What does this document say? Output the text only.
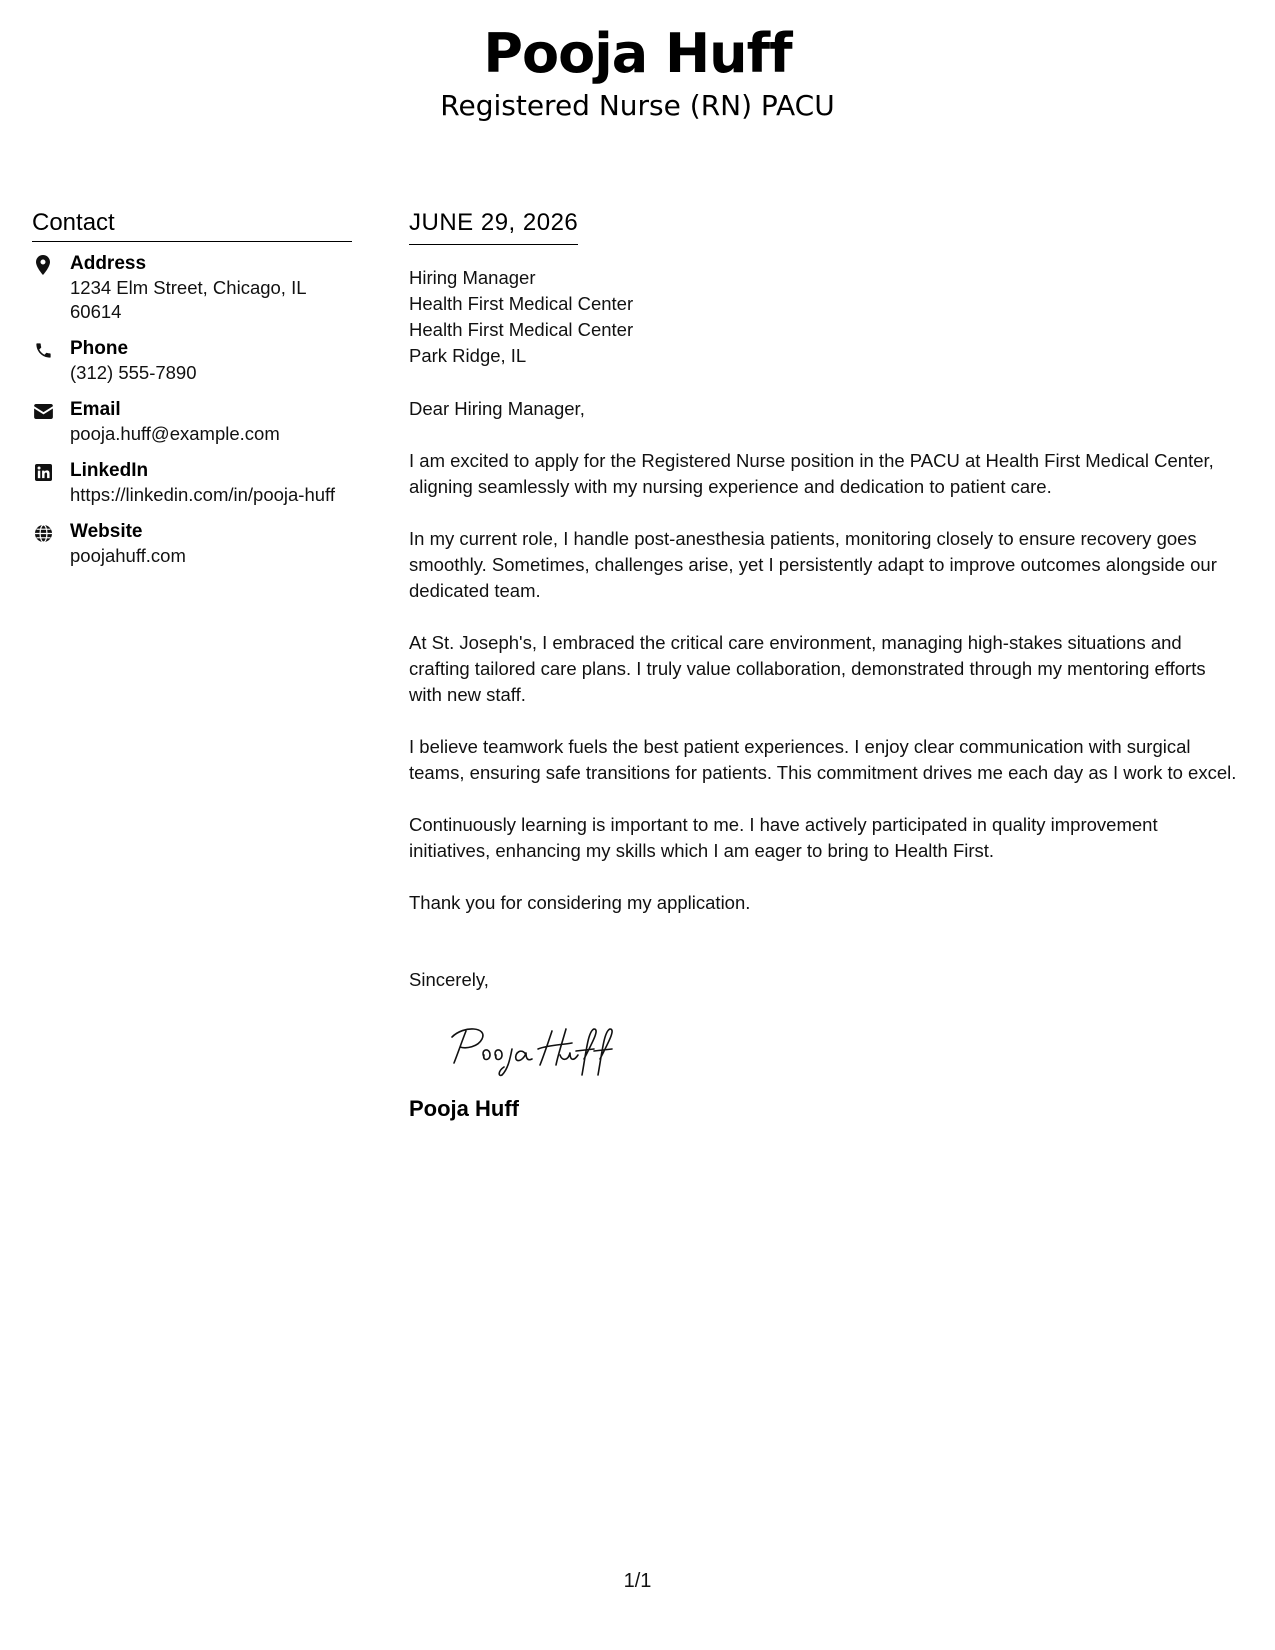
Pooja Huff
Registered Nurse (RN) PACU
Contact
Address
1234 Elm Street, Chicago, IL 60614
Phone
(312) 555-7890
Email
pooja.huff@example.com
LinkedIn
https://linkedin.com/in/pooja-huff
Website
poojahuff.com
JUNE 29, 2026
Hiring Manager
Health First Medical Center
Health First Medical Center
Park Ridge, IL
Dear Hiring Manager,
I am excited to apply for the Registered Nurse position in the PACU at Health First Medical Center, aligning seamlessly with my nursing experience and dedication to patient care.
In my current role, I handle post-anesthesia patients, monitoring closely to ensure recovery goes smoothly. Sometimes, challenges arise, yet I persistently adapt to improve outcomes alongside our dedicated team.
At St. Joseph's, I embraced the critical care environment, managing high-stakes situations and crafting tailored care plans. I truly value collaboration, demonstrated through my mentoring efforts with new staff.
I believe teamwork fuels the best patient experiences. I enjoy clear communication with surgical teams, ensuring safe transitions for patients. This commitment drives me each day as I work to excel.
Continuously learning is important to me. I have actively participated in quality improvement initiatives, enhancing my skills which I am eager to bring to Health First.
Thank you for considering my application.
Sincerely,
Pooja Huff
1/1
